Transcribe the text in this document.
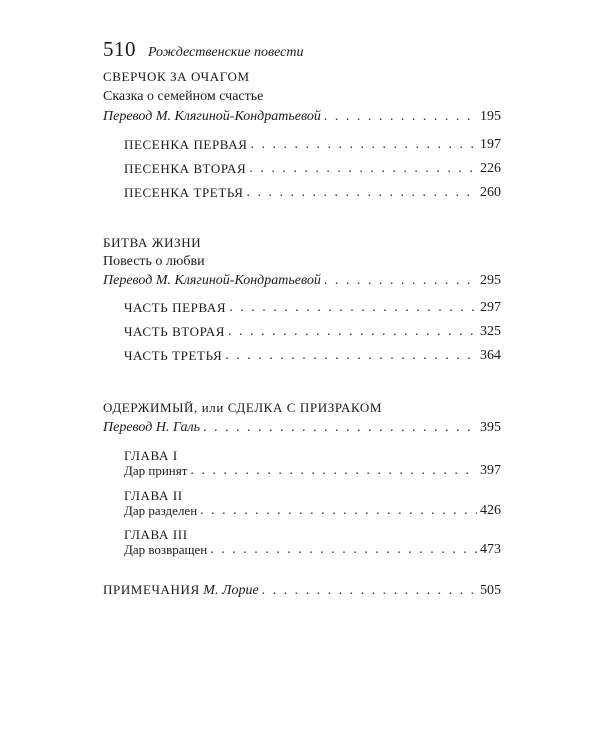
510 Рождественские повести
СВЕРЧОК ЗА ОЧАГОМ
Сказка о семейном счастье
Перевод М. Клягиной-Кондратьевой . . .	195
ПЕСЕНКА ПЕРВАЯ . . .	197
ПЕСЕНКА ВТОРАЯ . . .	226
ПЕСЕНКА ТРЕТЬЯ . . .	260
БИТВА ЖИЗНИ
Повесть о любви
Перевод М. Клягиной-Кондратьевой . . .	295
ЧАСТЬ ПЕРВАЯ . . .	297
ЧАСТЬ ВТОРАЯ . . .	325
ЧАСТЬ ТРЕТЬЯ . . .	364
ОДЕРЖИМЫЙ, или СДЕЛКА С ПРИЗРАКОМ
Перевод Н. Галь . . .	395
ГЛАВА I
Дар принят . . .	397
ГЛАВА II
Дар разделен . . .	426
ГЛАВА III
Дар возвращен . . .	473
ПРИМЕЧАНИЯ М. Лорие . . .	505
